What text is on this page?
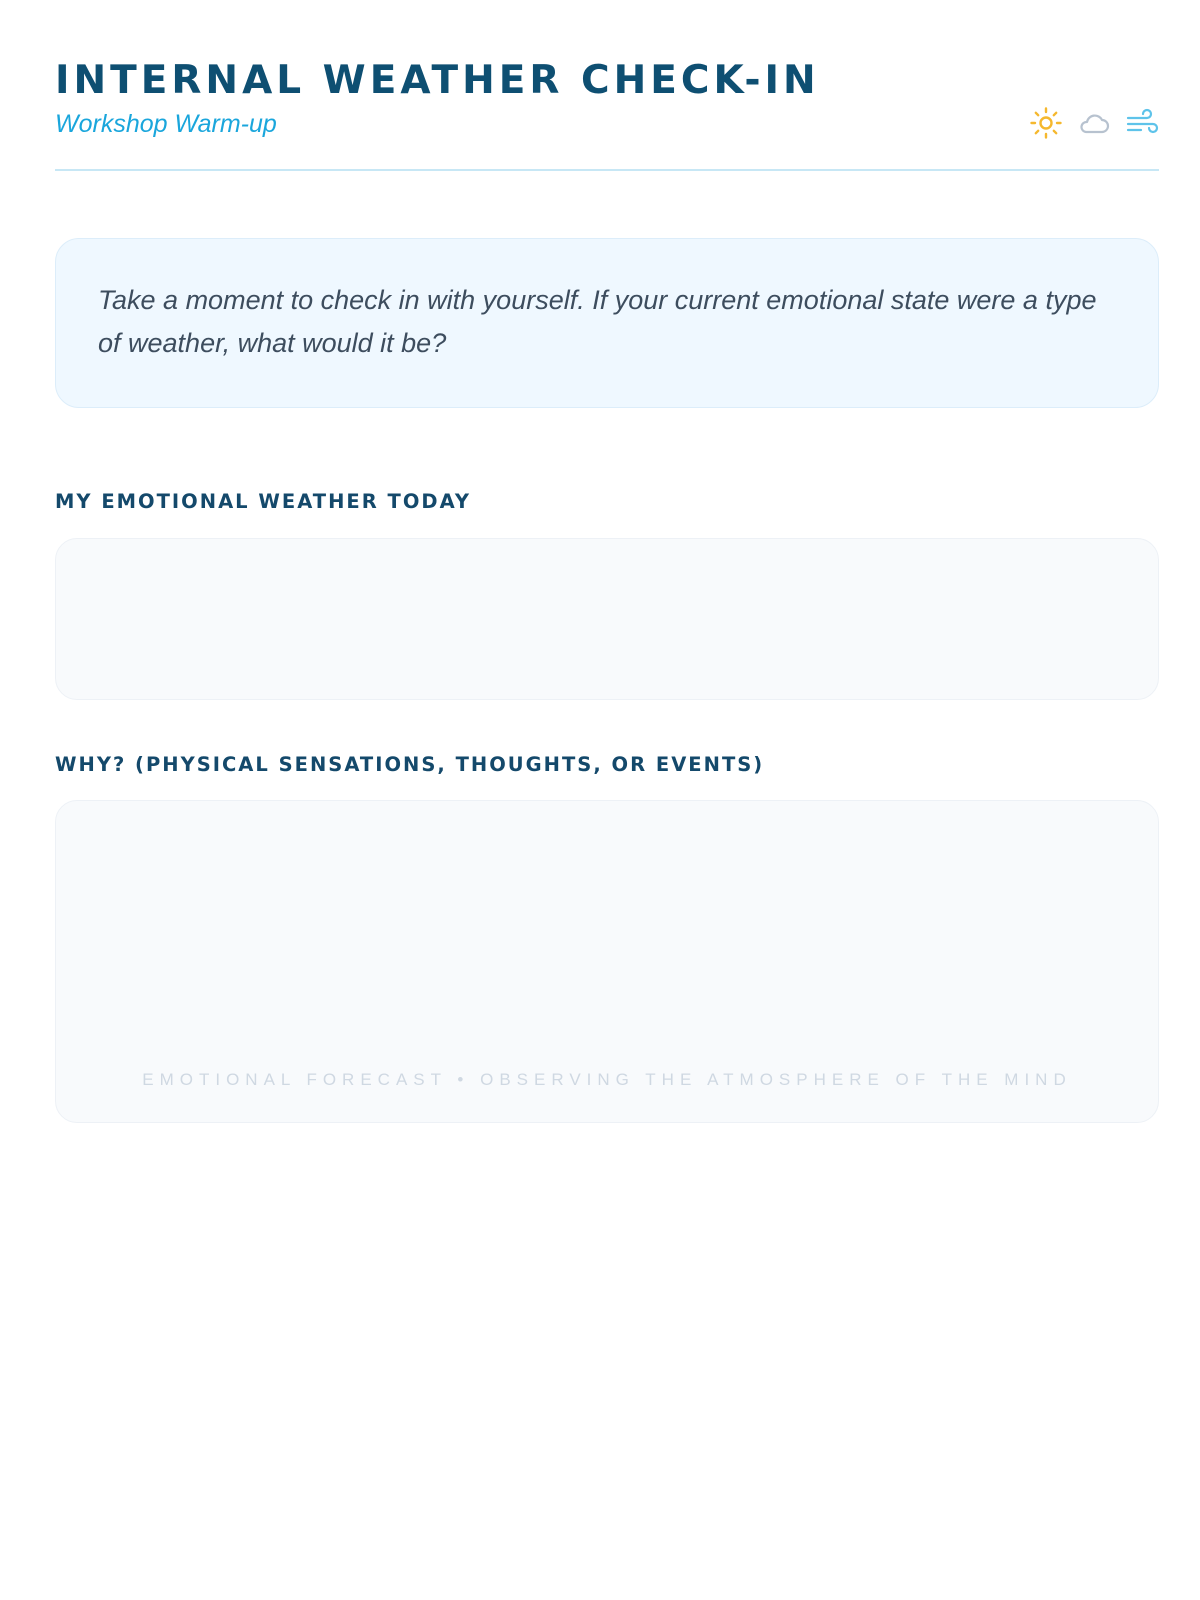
INTERNAL WEATHER CHECK-IN
Workshop Warm-up

Take a moment to check in with yourself. If your current emotional state were a type of weather, what would it be?

MY EMOTIONAL WEATHER TODAY
WHY? (PHYSICAL SENSATIONS, THOUGHTS, OR EVENTS)
EMOTIONAL FORECAST • OBSERVING THE ATMOSPHERE OF THE MIND
